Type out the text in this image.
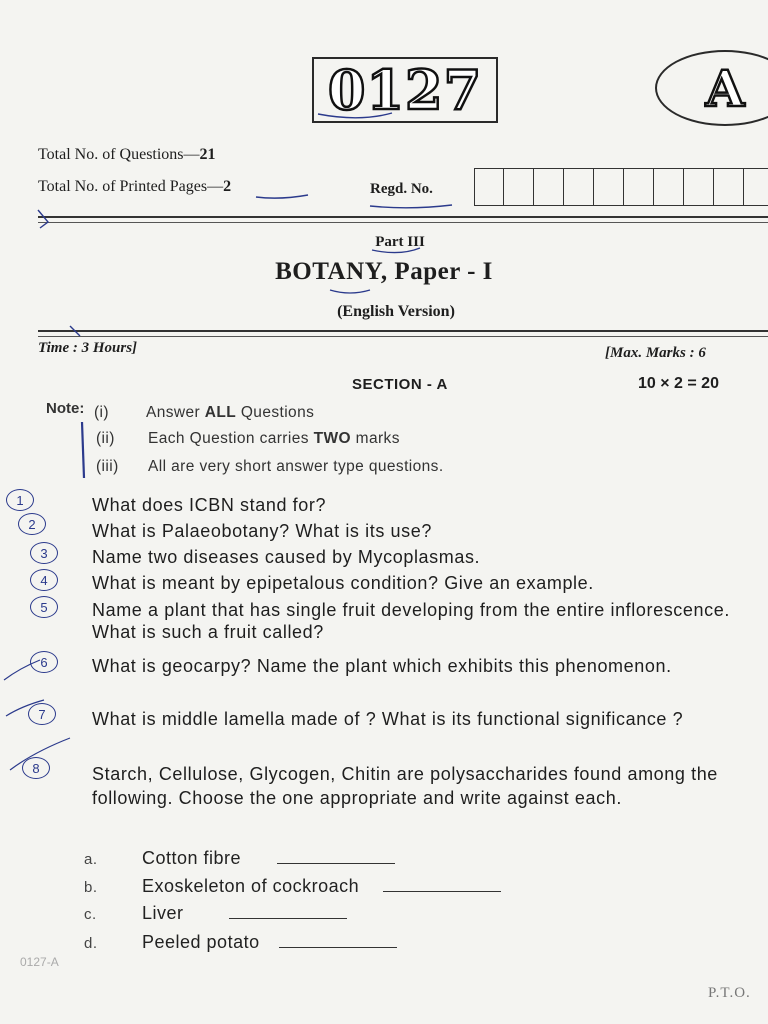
0127	A
Total No. of Questions—21
Total No. of Printed Pages—2	Regd. No.
Part III
BOTANY, Paper - I
(English Version)
Time : 3 Hours]	[Max. Marks : 6
SECTION - A	10 × 2 = 20
Note: (i) Answer ALL Questions
(ii) Each Question carries TWO marks
(iii) All are very short answer type questions.
1
2
3
4
5
6
7
8
What does ICBN stand for?
What is Palaeobotany? What is its use?
Name two diseases caused by Mycoplasmas.
What is meant by epipetalous condition? Give an example.
Name a plant that has single fruit developing from the entire inflorescence. What is such a fruit called?
What is geocarpy? Name the plant which exhibits this phenomenon.
What is middle lamella made of ? What is its functional significance ?
Starch, Cellulose, Glycogen, Chitin are polysaccharides found among the following. Choose the one appropriate and write against each.
a. Cotton fibre
b. Exoskeleton of cockroach
c.	Liver
d. Peeled potato
0127-A
P.T.O.
